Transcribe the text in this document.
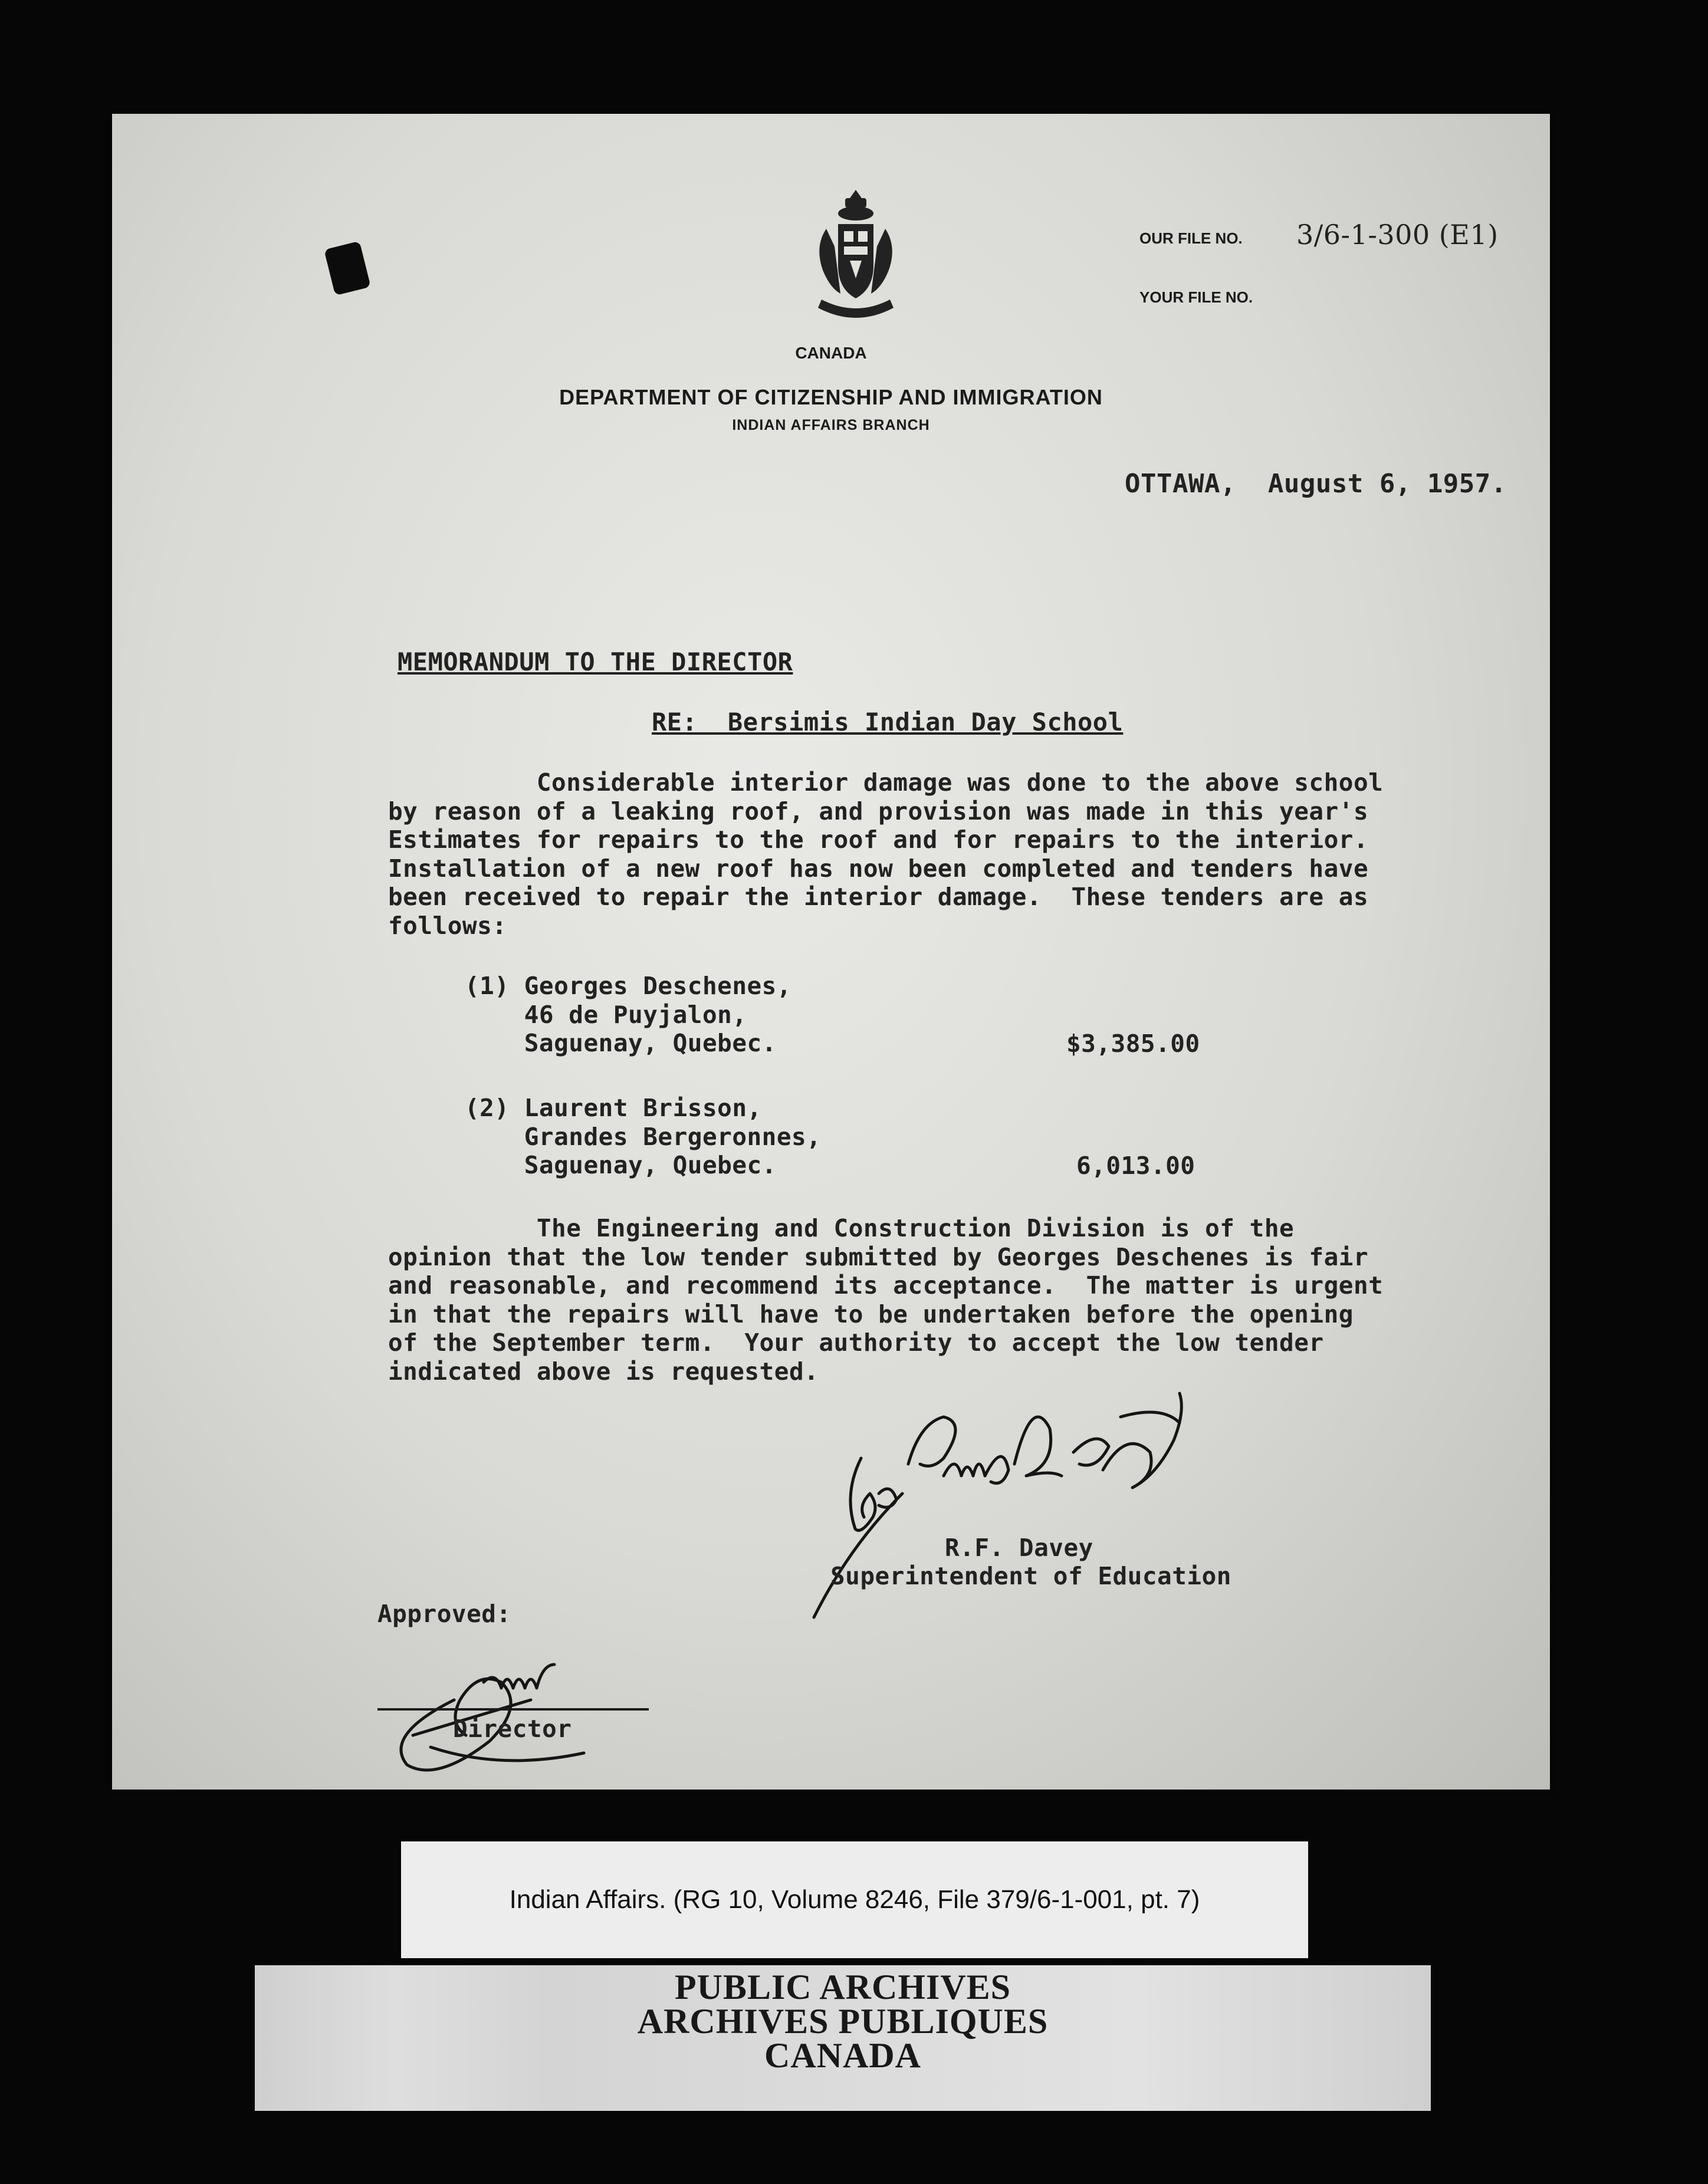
CANADA
DEPARTMENT OF CITIZENSHIP AND IMMIGRATION
INDIAN AFFAIRS BRANCH
OUR FILE NO. 3/6-1-300 (E1)
YOUR FILE NO.
OTTAWA,  August 6, 1957.
MEMORANDUM TO THE DIRECTOR
RE:  Bersimis Indian Day School
Considerable interior damage was done to the above school
by reason of a leaking roof, and provision was made in this year's
Estimates for repairs to the roof and for repairs to the interior.
Installation of a new roof has now been completed and tenders have
been received to repair the interior damage.  These tenders are as
follows:
(1) Georges Deschenes,
46 de Puyjalon,
Saguenay, Quebec.	$3,385.00
(2) Laurent Brisson,
Grandes Bergeronnes,
Saguenay, Quebec.	6,013.00
The Engineering and Construction Division is of the
opinion that the low tender submitted by Georges Deschenes is fair
and reasonable, and recommend its acceptance.  The matter is urgent
in that the repairs will have to be undertaken before the opening
of the September term.  Your authority to accept the low tender
indicated above is requested.
R.F. Davey
Superintendent of Education
Approved:
Director
Indian Affairs. (RG 10, Volume 8246, File 379/6-1-001, pt. 7)
PUBLIC ARCHIVES
ARCHIVES PUBLIQUES
CANADA
